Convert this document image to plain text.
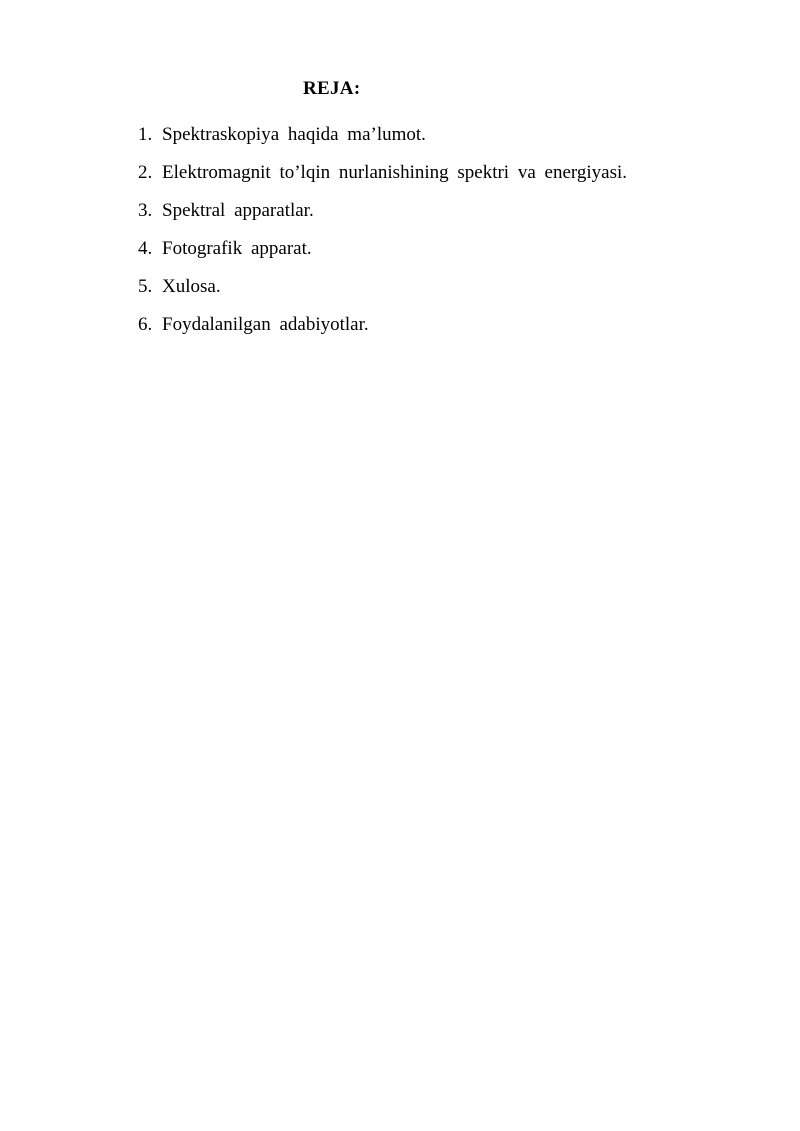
REJA:
1. Spektraskopiya haqida ma’lumot.
2. Elektromagnit to’lqin nurlanishining spektri va energiyasi.
3. Spektral apparatlar.
4. Fotografik apparat.
5. Xulosa.
6. Foydalanilgan adabiyotlar.
